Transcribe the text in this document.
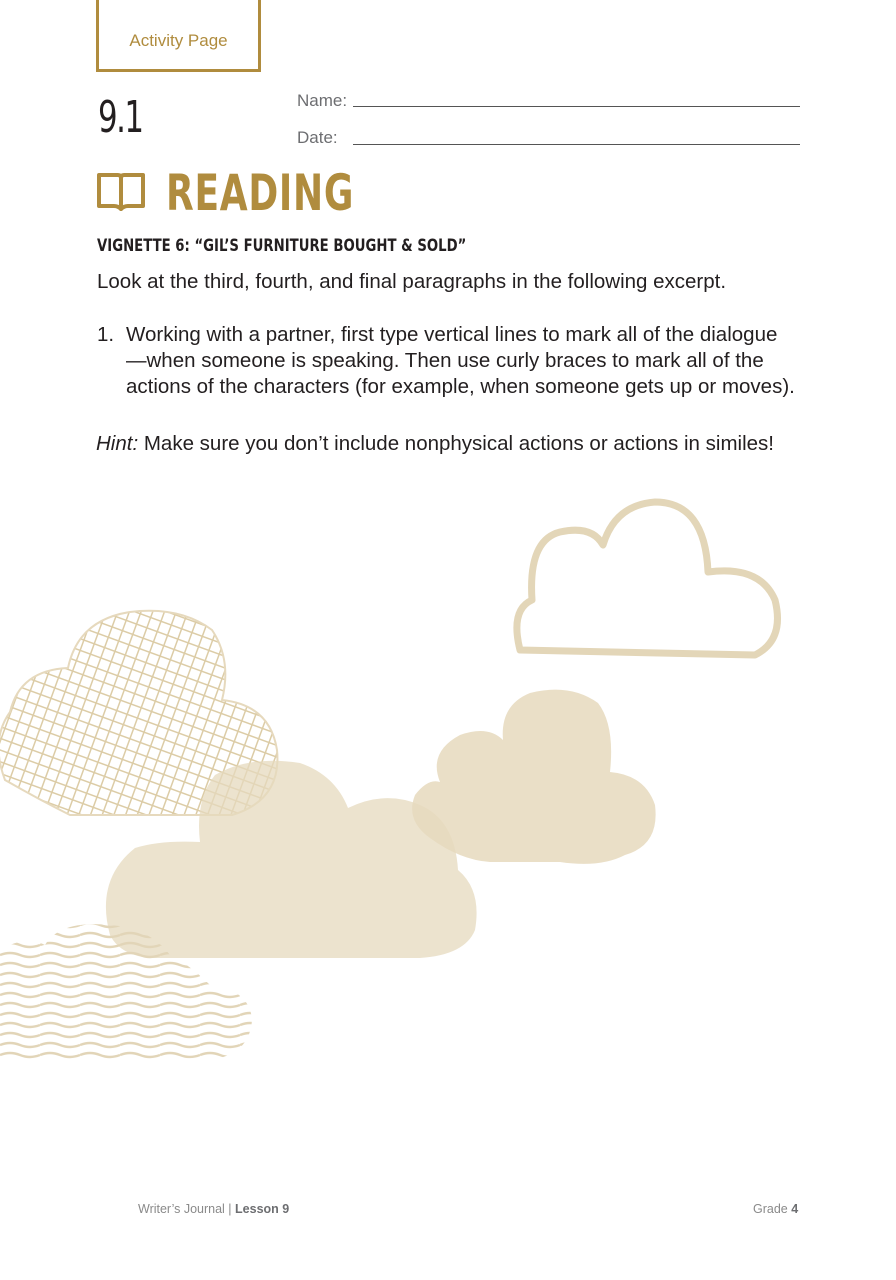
Activity Page
9.1	Name:
Date:
READING
VIGNETTE 6: “GIL’S FURNITURE BOUGHT & SOLD”
Look at the third, fourth, and final paragraphs in the following excerpt.
1. Working with a partner, first type vertical lines to mark all of the dialogue
—when someone is speaking. Then use curly braces to mark all of the
actions of the characters (for example, when someone gets up or moves).
Hint: Make sure you don’t include nonphysical actions or actions in similes!
Writer’s Journal | Lesson 9	Grade 4
